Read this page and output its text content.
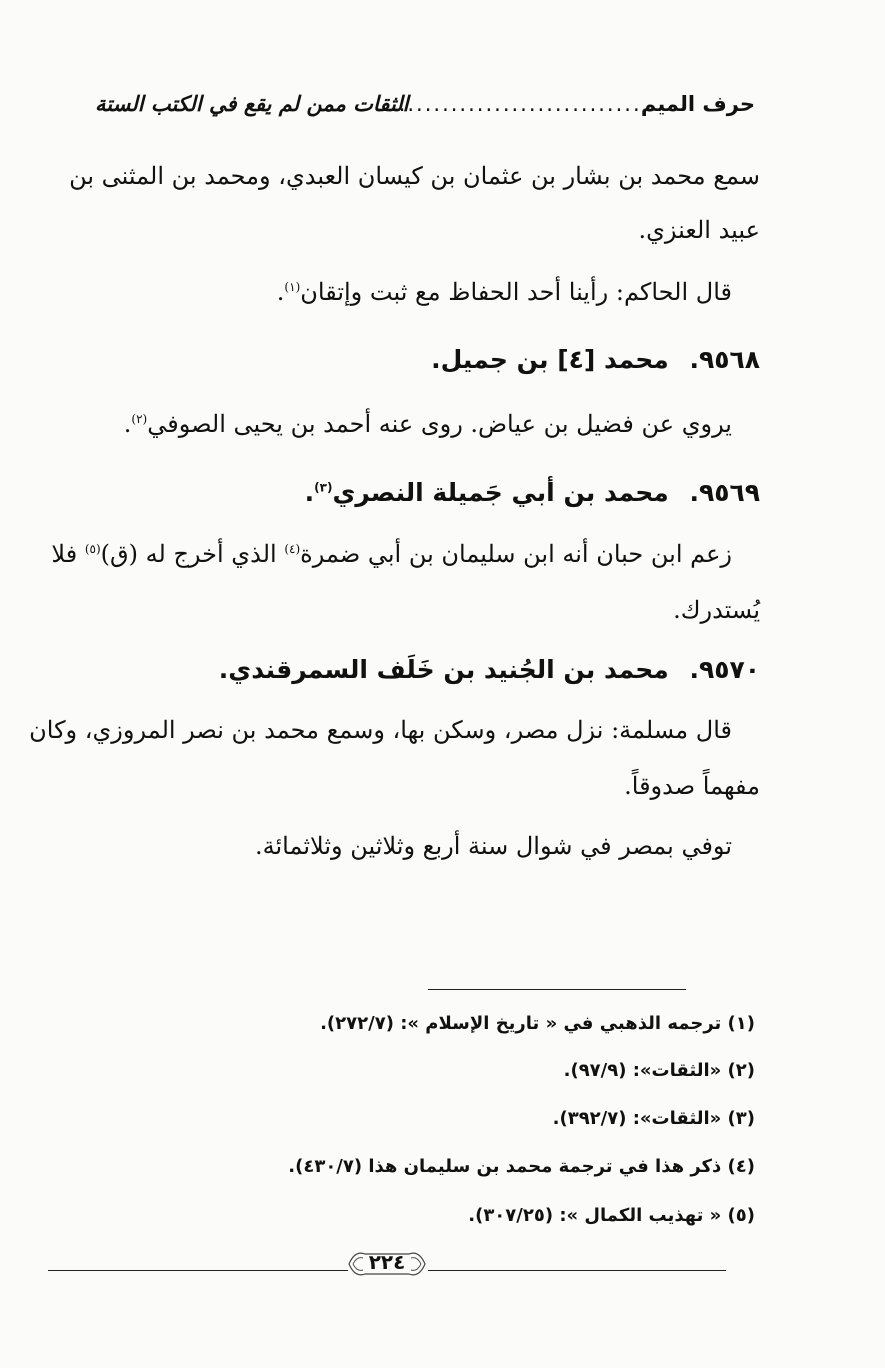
حرف الميم
..............................
الثقات ممن لم يقع في الكتب الستة
سمع محمد بن بشار بن عثمان بن كيسان العبدي، ومحمد بن المثنى بن
عبيد العنزي.
قال الحاكم: رأينا أحد الحفاظ مع ثبت وإتقان$^{(١)}$.
٩٥٦٨. محمد [٤] بن جميل.
يروي عن فضيل بن عياض. روى عنه أحمد بن يحيى الصوفي$^{(٢)}$.
٩٥٦٩. محمد بن أبي جَميلة النصري$^{(٣)}$.
زعم ابن حبان أنه ابن سليمان بن أبي ضمرة$^{(٤)}$ الذي أخرج له (ق)$^{(٥)}$ فلا
يُستدرك.
٩٥٧٠. محمد بن الجُنيد بن خَلَف السمرقندي.
قال مسلمة: نزل مصر، وسكن بها، وسمع محمد بن نصر المروزي، وكان
مفهماً صدوقاً.
توفي بمصر في شوال سنة أربع وثلاثين وثلاثمائة.
(١) ترجمه الذهبي في « تاريخ الإسلام »: (٢٧٢/٧).
(٢) «الثقات»: (٩٧/٩).
(٣) «الثقات»: (٣٩٢/٧).
(٤) ذكر هذا في ترجمة محمد بن سليمان هذا (٤٣٠/٧).
(٥) « تهذيب الكمال »: (٣٠٧/٢٥).
٢٢٤
